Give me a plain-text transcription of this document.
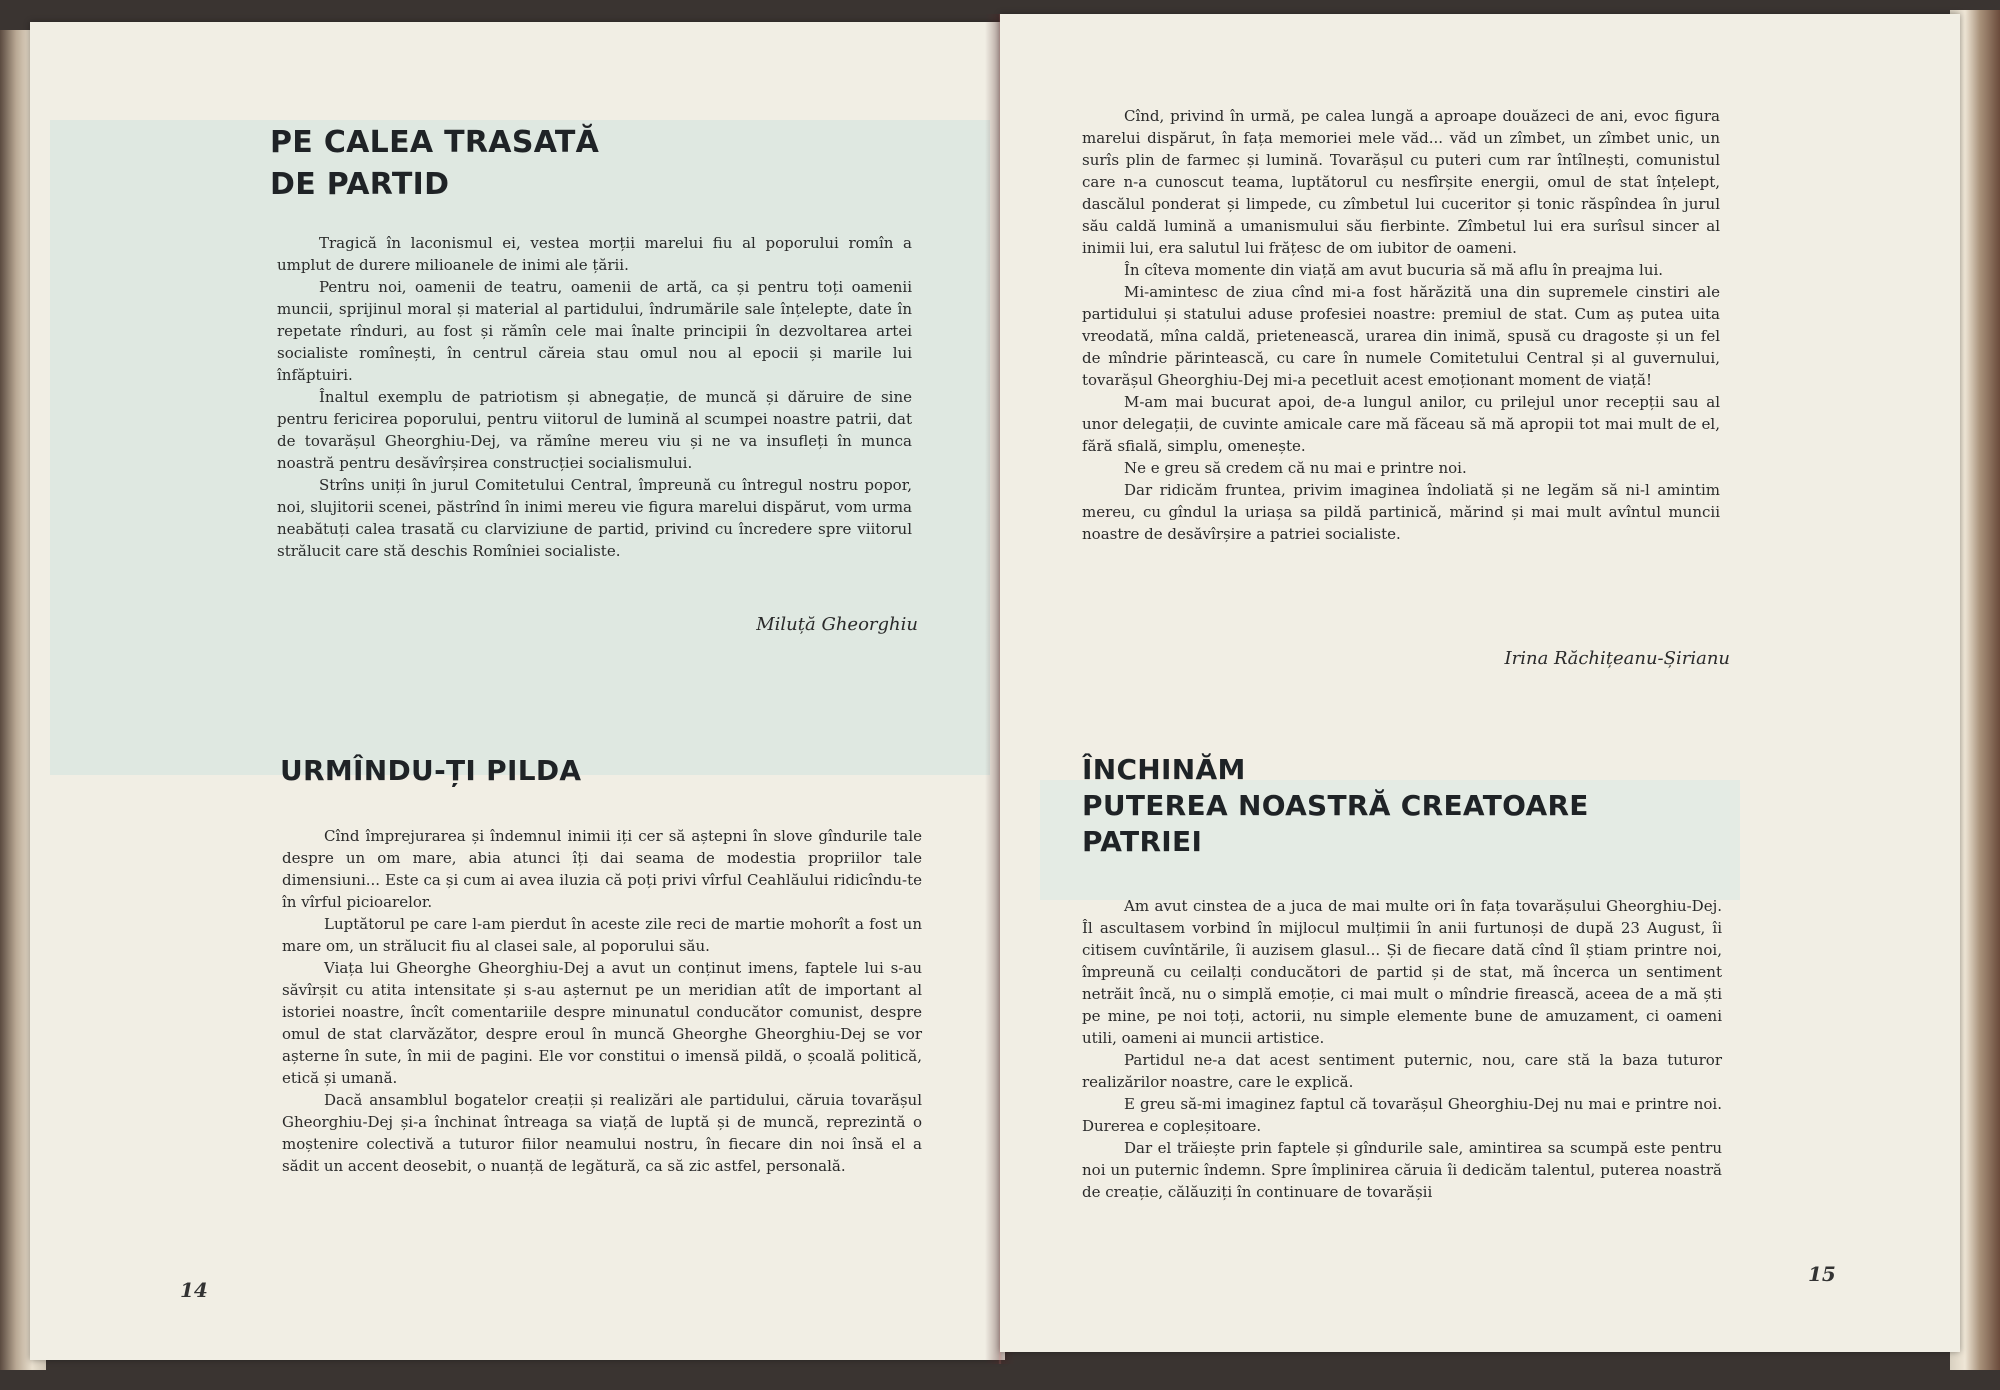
PE CALEA TRASATĂ
DE PARTID

Tragică în laconismul ei, vestea morții marelui fiu al poporului romîn a umplut de durere milioanele de inimi ale țării.

Pentru noi, oamenii de teatru, oamenii de artă, ca și pentru toți oamenii muncii, sprijinul moral și material al partidului, îndrumările sale înțelepte, date în repetate rînduri, au fost și rămîn cele mai înalte principii în dezvoltarea artei socialiste romînești, în centrul căreia stau omul nou al epocii și marile lui înfăptuiri.

Înaltul exemplu de patriotism și abnegație, de muncă și dăruire de sine pentru fericirea poporului, pentru viitorul de lumină al scumpei noastre patrii, dat de tovarășul Gheorghiu-Dej, va rămîne mereu viu și ne va insufleți în munca noastră pentru desăvîrșirea construcției socialismului.

Strîns uniți în jurul Comitetului Central, împreună cu întregul nostru popor, noi, slujitorii scenei, păstrînd în inimi mereu vie figura marelui dispărut, vom urma neabătuți calea trasată cu clarviziune de partid, privind cu încredere spre viitorul strălucit care stă deschis Romîniei socialiste.

Miluță Gheorghiu
URMÎNDU-ȚI PILDA

Cînd împrejurarea și îndemnul inimii iți cer să aștерni în slove gîndurile tale despre un om mare, abia atunci îți dai seama de modestia propriilor tale dimensiuni... Este ca și cum ai avea iluzia că poți privi vîrful Ceahlăului ridicîndu-te în vîrful picioarelor.

Luptătorul pe care l-am pierdut în aceste zile reci de martie mohorît a fost un mare om, un strălucit fiu al clasei sale, al poporului său.

Viața lui Gheorghe Gheorghiu-Dej a avut un conținut imens, faptele lui s-au săvîrșit cu atita intensitate și s-au așternut pe un meridian atît de important al istoriei noastre, încît comentariile despre minunatul conducător comunist, despre omul de stat clarvăzător, despre eroul în muncă Gheorghe Gheorghiu-Dej se vor așterne în sute, în mii de pagini. Ele vor constitui o imensă pildă, o școală politică, etică și umană.

Dacă ansamblul bogatelor creații și realizări ale partidului, căruia tovarășul Gheorghiu-Dej și-a închinat întreaga sa viață de luptă și de muncă, reprezintă o moștenire colectivă a tuturor fiilor neamului nostru, în fiecare din noi însă el a sădit un accent deosebit, o nuanță de legătură, ca să zic astfel, personală.

14

Cînd, privind în urmă, pe calea lungă a aproape douăzeci de ani, evoc figura marelui dispărut, în fața memoriei mele văd... văd un zîmbet, un zîmbet unic, un surîs plin de farmec și lumină. Tovarășul cu puteri cum rar întîlnești, comunistul care n-a cunoscut teama, luptătorul cu nesfîrșite energii, omul de stat înțelept, dascălul ponderat și limpede, cu zîmbetul lui cuceritor și tonic răspîndea în jurul său caldă lumină a umanismului său fierbinte. Zîmbetul lui era surîsul sincer al inimii lui, era salutul lui frățesc de om iubitor de oameni.

În cîteva momente din viață am avut bucuria să mă aflu în preajma lui.

Mi-amintesc de ziua cînd mi-a fost hărăzită una din supremele cinstiri ale partidului și statului aduse profesiei noastre: premiul de stat. Cum aș putea uita vreodată, mîna caldă, prietenească, urarea din inimă, spusă cu dragoste și un fel de mîndrie părintească, cu care în numele Comitetului Central și al guvernului, tovarășul Gheorghiu-Dej mi-a pecetluit acest emoționant moment de viață!

M-am mai bucurat apoi, de-a lungul anilor, cu prilejul unor recepții sau al unor delegații, de cuvinte amicale care mă făceau să mă apropii tot mai mult de el, fără sfială, simplu, omenește.

Ne e greu să credem că nu mai e printre noi.

Dar ridicăm fruntea, privim imaginea îndoliată și ne legăm să ni-l amintim mereu, cu gîndul la uriașa sa pildă partinică, mărind și mai mult avîntul muncii noastre de desăvîrșire a patriei socialiste.

Irina Răchițeanu-Șirianu
ÎNCHINĂM
PUTEREA NOASTRĂ CREATOARE
PATRIEI

Am avut cinstea de a juca de mai multe ori în fața tovarășului Gheorghiu-Dej. Îl ascultasem vorbind în mijlocul mulțimii în anii furtunoși de după 23 August, îi citisem cuvîntările, îi auzisem glasul... Și de fiecare dată cînd îl știam printre noi, împreună cu ceilalți conducători de partid și de stat, mă încerca un sentiment netrăit încă, nu o simplă emoție, ci mai mult o mîndrie firească, aceea de a mă ști pe mine, pe noi toți, actorii, nu simple elemente bune de amuzament, ci oameni utili, oameni ai muncii artistice.

Partidul ne-a dat acest sentiment puternic, nou, care stă la baza tuturor realizărilor noastre, care le explică.

E greu să-mi imaginez faptul că tovarășul Gheorghiu-Dej nu mai e printre noi. Durerea e copleșitoare.

Dar el trăiește prin faptele și gîndurile sale, amintirea sa scumpă este pentru noi un puternic îndemn. Spre împlinirea căruia îi dedicăm talentul, puterea noastră de creație, călăuziți în continuare de tovarășii

15
